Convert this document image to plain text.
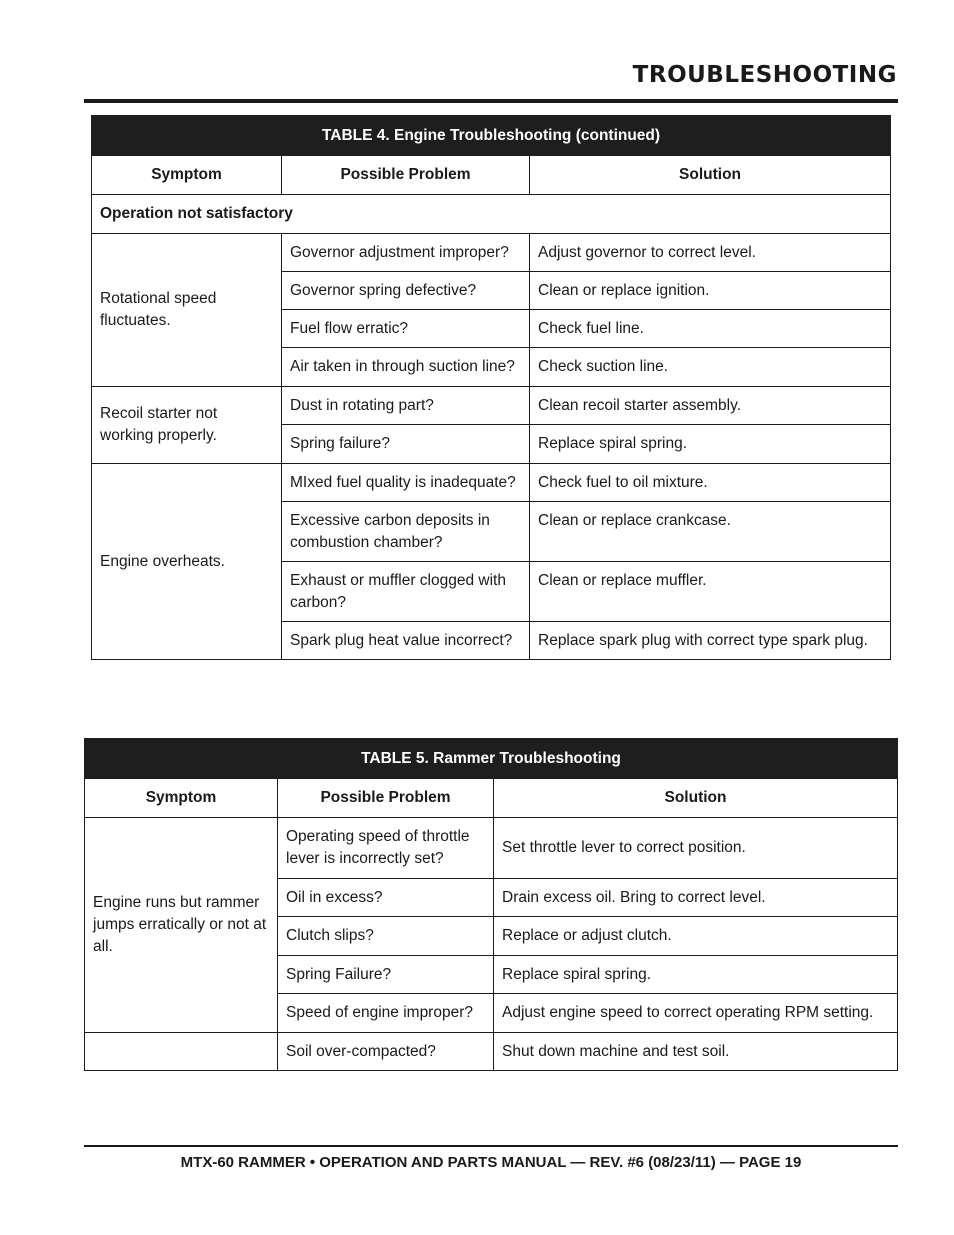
TROUBLESHOOTING
TABLE 4. Engine Troubleshooting (continued)		
Symptom	Possible Problem	Solution
Operation not satisfactory		
Rotational speed fluctuates.	Governor adjustment improper?	Adjust governor to correct level.
	Governor spring defective?	Clean or replace ignition.
	Fuel flow erratic?	Check fuel line.
	Air taken in through suction line?	Check suction line.
Recoil starter not working properly.	Dust in rotating part?	Clean recoil starter assembly.
	Spring failure?	Replace spiral spring.
Engine overheats.	MIxed fuel quality is inadequate?	Check fuel to oil mixture.
	Excessive carbon deposits in combustion chamber?	Clean or replace crankcase.
	Exhaust or muffler clogged with carbon?	Clean or replace muffler.
	Spark plug heat value incorrect?	Replace spark plug with correct type spark plug.
TABLE 5. Rammer Troubleshooting		
Symptom	Possible Problem	Solution
Engine runs but rammer jumps erratically or not at all.	Operating speed of throttle lever is incorrectly set?	Set throttle lever to correct position.
	Oil in excess?	Drain excess oil. Bring to correct level.
	Clutch slips?	Replace or adjust clutch.
	Spring Failure?	Replace spiral spring.
	Speed of engine improper?	Adjust engine speed to correct operating RPM setting.
	Soil over-compacted?	Shut down machine and test soil.
MTX-60 RAMMER • OPERATION AND PARTS MANUAL — REV. #6 (08/23/11) — PAGE 19
